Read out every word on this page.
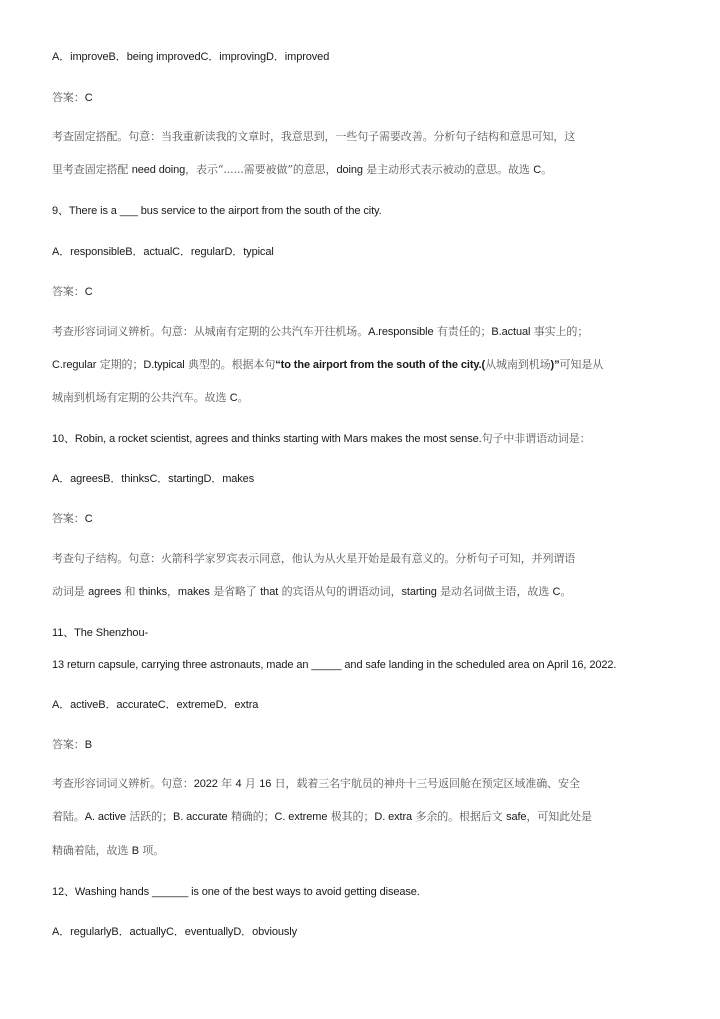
A．improveB．being improvedC．improvingD．improved
答案：C
考查固定搭配。句意：当我重新读我的文章时，我意思到，一些句子需要改善。分析句子结构和意思可知，这
里考查固定搭配 need doing，表示“......需要被做”的意思，doing 是主动形式表示被动的意思。故选 C。
9、There is a ___ bus service to the airport from the south of the city.
A．responsibleB．actualC．regularD．typical
答案：C
考查形容词词义辨析。句意：从城南有定期的公共汽车开往机场。A.responsible 有责任的；B.actual 事实上的；
C.regular 定期的；D.typical 典型的。根据本句“to the airport from the south of the city.(从城南到机场)”可知是从
城南到机场有定期的公共汽车。故选 C。
10、Robin, a rocket scientist, agrees and thinks starting with Mars makes the most sense.句子中非谓语动词是：
A．agreesB．thinksC．startingD．makes
答案：C
考查句子结构。句意：火箭科学家罗宾表示同意，他认为从火星开始是最有意义的。分析句子可知，并列谓语
动词是 agrees 和 thinks，makes 是省略了 that 的宾语从句的谓语动词，starting 是动名词做主语，故选 C。
11、The Shenzhou-
13 return capsule, carrying three astronauts, made an _____ and safe landing in the scheduled area on April 16, 2022.
A．activeB．accurateC．extremeD．extra
答案：B
考查形容词词义辨析。句意：2022 年 4 月 16 日，载着三名宇航员的神舟十三号返回舱在预定区域准确、安全
着陆。A. active 活跃的；B. accurate 精确的；C. extreme 极其的；D. extra 多余的。根据后文 safe，可知此处是
精确着陆，故选 B 项。
12、Washing hands ______ is one of the best ways to avoid getting disease.
A．regularlyB．actuallyC．eventuallyD．obviously
